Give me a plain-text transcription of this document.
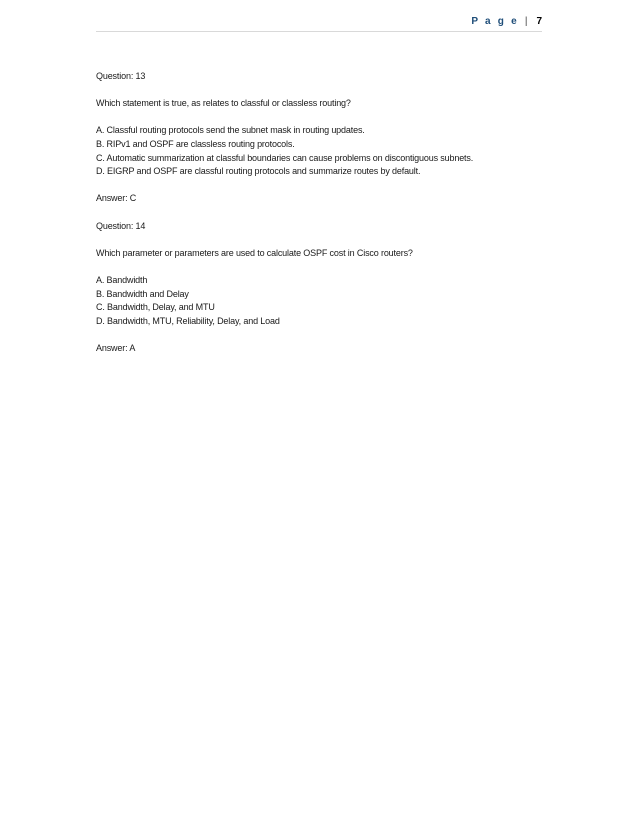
P a g e | 7
Question: 13
Which statement is true, as relates to classful or classless routing?
A. Classful routing protocols send the subnet mask in routing updates.
B. RIPv1 and OSPF are classless routing protocols.
C. Automatic summarization at classful boundaries can cause problems on discontiguous subnets.
D. EIGRP and OSPF are classful routing protocols and summarize routes by default.
Answer: C
Question: 14
Which parameter or parameters are used to calculate OSPF cost in Cisco routers?
A. Bandwidth
B. Bandwidth and Delay
C. Bandwidth, Delay, and MTU
D. Bandwidth, MTU, Reliability, Delay, and Load
Answer: A
